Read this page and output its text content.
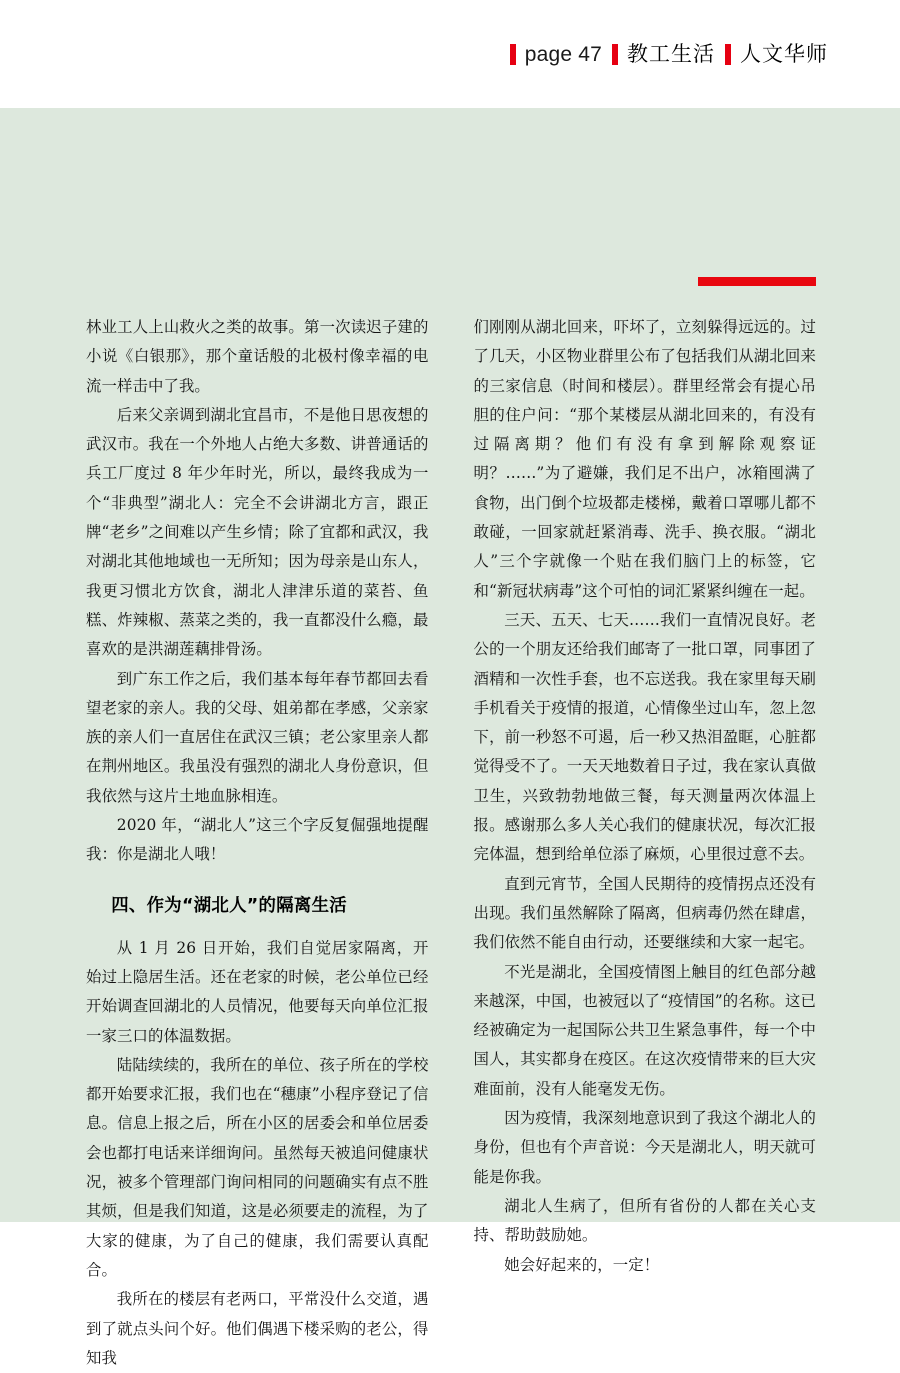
page 47 教工生活 人文华师

林业工人上山救火之类的故事。第一次读迟子建的小说《白银那》，那个童话般的北极村像幸福的电流一样击中了我。

后来父亲调到湖北宜昌市，不是他日思夜想的武汉市。我在一个外地人占绝大多数、讲普通话的兵工厂度过 8 年少年时光，所以，最终我成为一个“非典型”湖北人：完全不会讲湖北方言，跟正牌“老乡”之间难以产生乡情；除了宜都和武汉，我对湖北其他地域也一无所知；因为母亲是山东人，我更习惯北方饮食，湖北人津津乐道的菜苔、鱼糕、炸辣椒、蒸菜之类的，我一直都没什么瘾，最喜欢的是洪湖莲藕排骨汤。

到广东工作之后，我们基本每年春节都回去看望老家的亲人。我的父母、姐弟都在孝感，父亲家族的亲人们一直居住在武汉三镇；老公家里亲人都在荆州地区。我虽没有强烈的湖北人身份意识，但我依然与这片土地血脉相连。

2020 年，“湖北人”这三个字反复倔强地提醒我：你是湖北人哦！

四、作为“湖北人”的隔离生活

从 1 月 26 日开始，我们自觉居家隔离，开始过上隐居生活。还在老家的时候，老公单位已经开始调查回湖北的人员情况，他要每天向单位汇报一家三口的体温数据。

陆陆续续的，我所在的单位、孩子所在的学校都开始要求汇报，我们也在“穗康”小程序登记了信息。信息上报之后，所在小区的居委会和单位居委会也都打电话来详细询问。虽然每天被追问健康状况，被多个管理部门询问相同的问题确实有点不胜其烦，但是我们知道，这是必须要走的流程，为了大家的健康，为了自己的健康，我们需要认真配合。

我所在的楼层有老两口，平常没什么交道，遇到了就点头问个好。他们偶遇下楼采购的老公，得知我

们刚刚从湖北回来，吓坏了，立刻躲得远远的。过了几天，小区物业群里公布了包括我们从湖北回来的三家信息（时间和楼层）。群里经常会有提心吊胆的住户问：“那个某楼层从湖北回来的，有没有过隔离期？他们有没有拿到解除观察证明？……”为了避嫌，我们足不出户，冰箱囤满了食物，出门倒个垃圾都走楼梯，戴着口罩哪儿都不敢碰，一回家就赶紧消毒、洗手、换衣服。“湖北人”三个字就像一个贴在我们脑门上的标签，它和“新冠状病毒”这个可怕的词汇紧紧纠缠在一起。

三天、五天、七天……我们一直情况良好。老公的一个朋友还给我们邮寄了一批口罩，同事团了酒精和一次性手套，也不忘送我。我在家里每天刷手机看关于疫情的报道，心情像坐过山车，忽上忽下，前一秒怒不可遏，后一秒又热泪盈眶，心脏都觉得受不了。一天天地数着日子过，我在家认真做卫生，兴致勃勃地做三餐，每天测量两次体温上报。感谢那么多人关心我们的健康状况，每次汇报完体温，想到给单位添了麻烦，心里很过意不去。

直到元宵节，全国人民期待的疫情拐点还没有出现。我们虽然解除了隔离，但病毒仍然在肆虐，我们依然不能自由行动，还要继续和大家一起宅。

不光是湖北，全国疫情图上触目的红色部分越来越深，中国，也被冠以了“疫情国”的名称。这已经被确定为一起国际公共卫生紧急事件，每一个中国人，其实都身在疫区。在这次疫情带来的巨大灾难面前，没有人能毫发无伤。

因为疫情，我深刻地意识到了我这个湖北人的身份，但也有个声音说：今天是湖北人，明天就可能是你我。

湖北人生病了，但所有省份的人都在关心支持、帮助鼓励她。

她会好起来的，一定！
